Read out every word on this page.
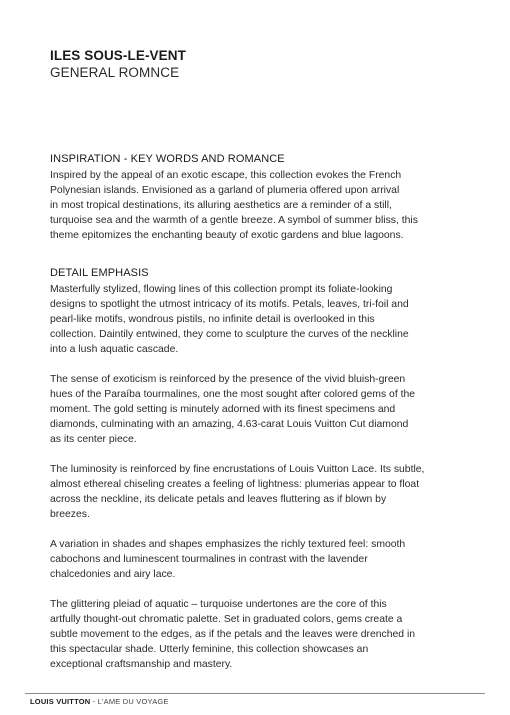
ILES SOUS-LE-VENT
GENERAL ROMNCE
INSPIRATION - KEY WORDS AND ROMANCE

Inspired by the appeal of an exotic escape, this collection evokes the French
Polynesian islands. Envisioned as a garland of plumeria offered upon arrival
in most tropical destinations, its alluring aesthetics are a reminder of a still,
turquoise sea and the warmth of a gentle breeze. A symbol of summer bliss, this
theme epitomizes the enchanting beauty of exotic gardens and blue lagoons.

DETAIL EMPHASIS

Masterfully stylized, flowing lines of this collection prompt its foliate-looking
designs to spotlight the utmost intricacy of its motifs. Petals, leaves, tri-foil and
pearl-like motifs, wondrous pistils, no infinite detail is overlooked in this
collection. Daintily entwined, they come to sculpture the curves of the neckline
into a lush aquatic cascade.

The sense of exoticism is reinforced by the presence of the vivid bluish-green
hues of the Paraíba tourmalines, one the most sought after colored gems of the
moment. The gold setting is minutely adorned with its finest specimens and
diamonds, culminating with an amazing, 4.63-carat Louis Vuitton Cut diamond
as its center piece.

The luminosity is reinforced by fine encrustations of Louis Vuitton Lace. Its subtle,
almost ethereal chiseling creates a feeling of lightness: plumerias appear to float
across the neckline, its delicate petals and leaves fluttering as if blown by
breezes.

A variation in shades and shapes emphasizes the richly textured feel: smooth
cabochons and luminescent tourmalines in contrast with the lavender
chalcedonies and airy lace.

The glittering pleiad of aquatic – turquoise undertones are the core of this
artfully thought-out chromatic palette. Set in graduated colors, gems create a
subtle movement to the edges, as if the petals and the leaves were drenched in
this spectacular shade. Utterly feminine, this collection showcases an
exceptional craftsmanship and mastery.

LOUIS VUITTON - L'AME DU VOYAGE
